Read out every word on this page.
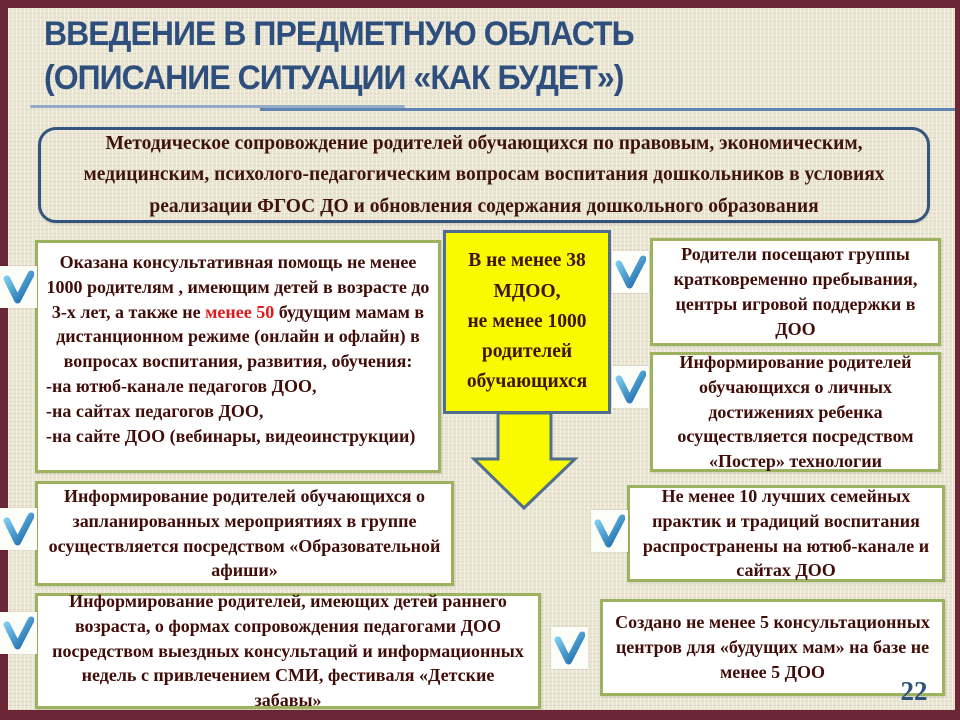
ВВЕДЕНИЕ В ПРЕДМЕТНУЮ ОБЛАСТЬ
(ОПИСАНИЕ СИТУАЦИИ «КАК БУДЕТ»)
Методическое сопровождение родителей обучающихся по правовым, экономическим, медицинским, психолого-педагогическим вопросам воспитания дошкольников в условиях реализации ФГОС ДО и обновления содержания дошкольного образования
Оказана консультативная помощь не менее 1000 родителям , имеющим детей в возрасте до 3-х лет, а также не менее 50 будущим мамам в дистанционном режиме (онлайн и офлайн) в вопросах воспитания, развития, обучения:
-на ютюб-канале педагогов ДОО,
-на сайтах педагогов ДОО,
-на сайте ДОО (вебинары, видеоинструкции)
Информирование родителей обучающихся о запланированных мероприятиях в группе осуществляется посредством «Образовательной афиши»
Информирование родителей, имеющих детей раннего возраста, о формах сопровождения педагогами ДОО посредством выездных консультаций и информационных недель с привлечением СМИ, фестиваля «Детские забавы»
В не менее 38 МДОО,
не менее 1000 родителей обучающихся
Родители посещают группы кратковременно пребывания, центры игровой поддержки в ДОО
Информирование родителей обучающихся о личных достижениях ребенка осуществляется посредством «Постер» технологии
Не менее 10 лучших семейных практик и традиций воспитания распространены на ютюб-канале и сайтах ДОО
Создано не менее 5 консультационных центров для «будущих мам» на базе не менее 5 ДОО
22
